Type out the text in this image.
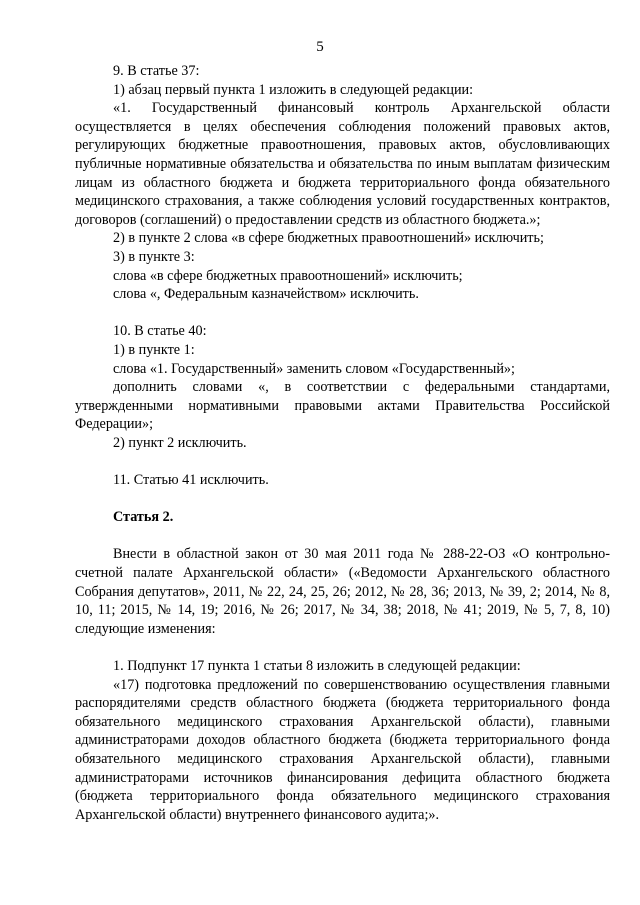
5

9. В статье 37:

1) абзац первый пункта 1 изложить в следующей редакции:

«1. Государственный финансовый контроль Архангельской области осуществляется в целях обеспечения соблюдения положений правовых актов, регулирующих бюджетные правоотношения, правовых актов, обусловливающих публичные нормативные обязательства и обязательства по иным выплатам физическим лицам из областного бюджета и бюджета территориального фонда обязательного медицинского страхования, а также соблюдения условий государственных контрактов, договоров (соглашений) о предоставлении средств из областного бюджета.»;

2) в пункте 2 слова «в сфере бюджетных правоотношений» исключить;

3) в пункте 3:

слова «в сфере бюджетных правоотношений» исключить;

слова «, Федеральным казначейством» исключить.

10. В статье 40:

1) в пункте 1:

слова «1. Государственный» заменить словом «Государственный»;

дополнить словами «, в соответствии с федеральными стандартами, утвержденными нормативными правовыми актами Правительства Российской Федерации»;

2) пункт 2 исключить.

11. Статью 41 исключить.

Статья 2.

Внести в областной закон от 30 мая 2011 года № 288-22-ОЗ «О контрольно-счетной палате Архангельской области» («Ведомости Архангельского областного Собрания депутатов», 2011, № 22, 24, 25, 26; 2012, № 28, 36; 2013, № 39, 2; 2014, № 8, 10, 11; 2015, № 14, 19; 2016, № 26; 2017, № 34, 38; 2018, № 41; 2019, № 5, 7, 8, 10) следующие изменения:

1. Подпункт 17 пункта 1 статьи 8 изложить в следующей редакции:

«17) подготовка предложений по совершенствованию осуществления главными распорядителями средств областного бюджета (бюджета территориального фонда обязательного медицинского страхования Архангельской области), главными администраторами доходов областного бюджета (бюджета территориального фонда обязательного медицинского страхования Архангельской области), главными администраторами источников финансирования дефицита областного бюджета (бюджета территориального фонда обязательного медицинского страхования Архангельской области) внутреннего финансового аудита;».
